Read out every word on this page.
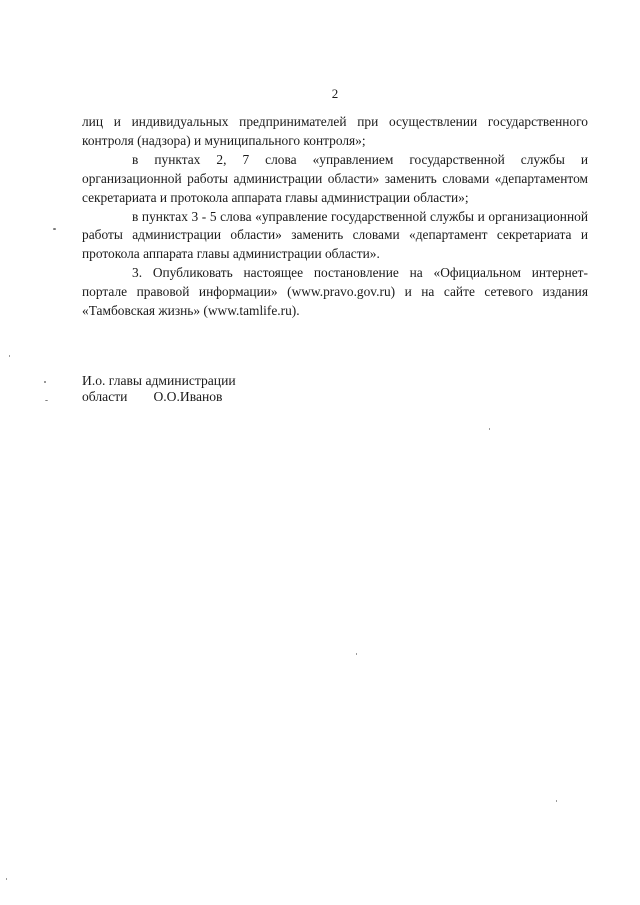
2

лиц и индивидуальных предпринимателей при осуществлении государственного контроля (надзора) и муниципального контроля»;

в пунктах 2, 7 слова «управлением государственной службы и организационной работы администрации области» заменить словами «департаментом секретариата и протокола аппарата главы администрации области»;

в пунктах 3 - 5 слова «управление государственной службы и организационной работы администрации области» заменить словами «департамент секретариата и протокола аппарата главы администрации области».

3. Опубликовать настоящее постановление на «Официальном интернет-портале правовой информации» (www.pravo.gov.ru) и на сайте сетевого издания «Тамбовская жизнь» (www.tamlife.ru).

И.о. главы администрации
области О.О.Иванов
